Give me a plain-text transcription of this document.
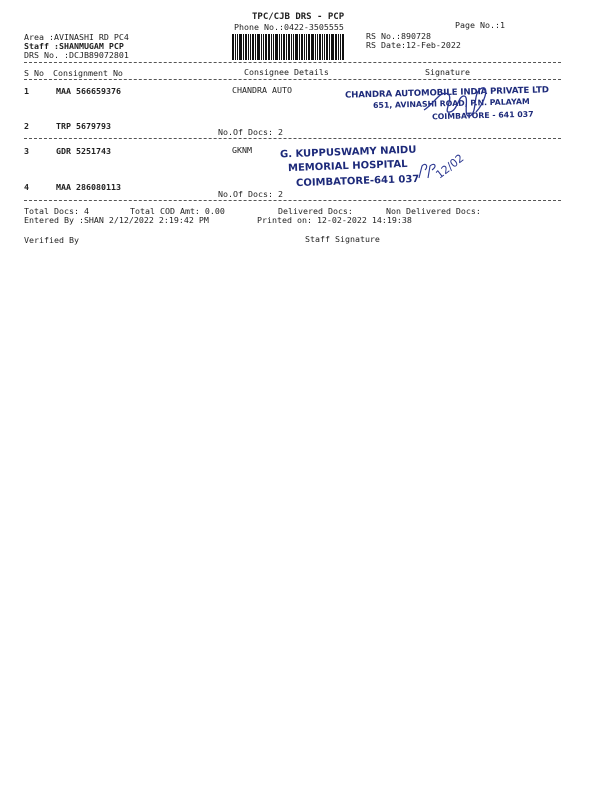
TPC/CJB DRS - PCP
Phone No.:0422-3505555	Page No.:1
Area :AVINASHI RD PC4
Staff :SHANMUGAM PCP
DRS No. :DCJB89072801
RS No.:890728
RS Date:12-Feb-2022
S No Consignment No	Consignee Details	Signature
1	MAA 566659376	CHANDRA AUTO
2	TRP 5679793
No.Of Docs: 2
3	GDR 5251743	GKNM
4	MAA 286080113
No.Of Docs: 2
CHANDRA AUTOMOBILE INDIA PRIVATE LTD
651, AVINASHI ROAD, P.N. PALAYAM
COIMBATORE - 641 037
G. KUPPUSWAMY NAIDU
MEMORIAL HOSPITAL
COIMBATORE-641 037
12/02
Total Docs: 4	Total COD Amt: 0.00	Delivered Docs:	Non Delivered Docs:
Entered By :SHAN 2/12/2022 2:19:42 PM	Printed on: 12-02-2022 14:19:38
Verified By	Staff Signature
